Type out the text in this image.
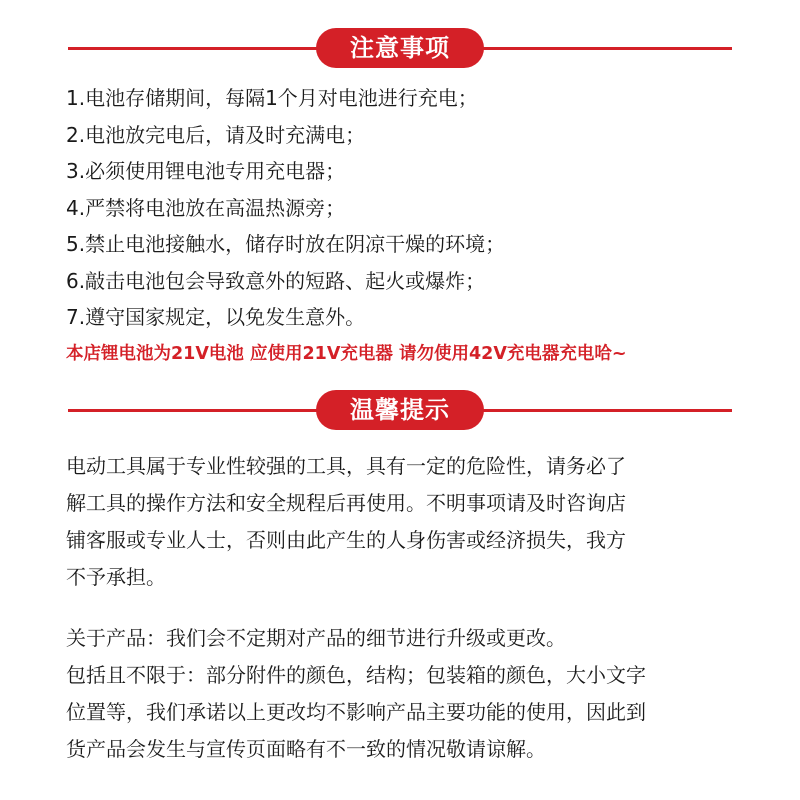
注意事项
1.电池存储期间，每隔1个月对电池进行充电；
2.电池放完电后，请及时充满电；
3.必须使用锂电池专用充电器；
4.严禁将电池放在高温热源旁；
5.禁止电池接触水，储存时放在阴凉干燥的环境；
6.敲击电池包会导致意外的短路、起火或爆炸；
7.遵守国家规定，以免发生意外。
本店锂电池为21V电池 应使用21V充电器 请勿使用42V充电器充电哈~
温馨提示

电动工具属于专业性较强的工具，具有一定的危险性，请务必了
解工具的操作方法和安全规程后再使用。不明事项请及时咨询店
铺客服或专业人士，否则由此产生的人身伤害或经济损失，我方
不予承担。

关于产品：我们会不定期对产品的细节进行升级或更改。
包括且不限于：部分附件的颜色，结构；包装箱的颜色，大小文字
位置等，我们承诺以上更改均不影响产品主要功能的使用，因此到
货产品会发生与宣传页面略有不一致的情况敬请谅解。
